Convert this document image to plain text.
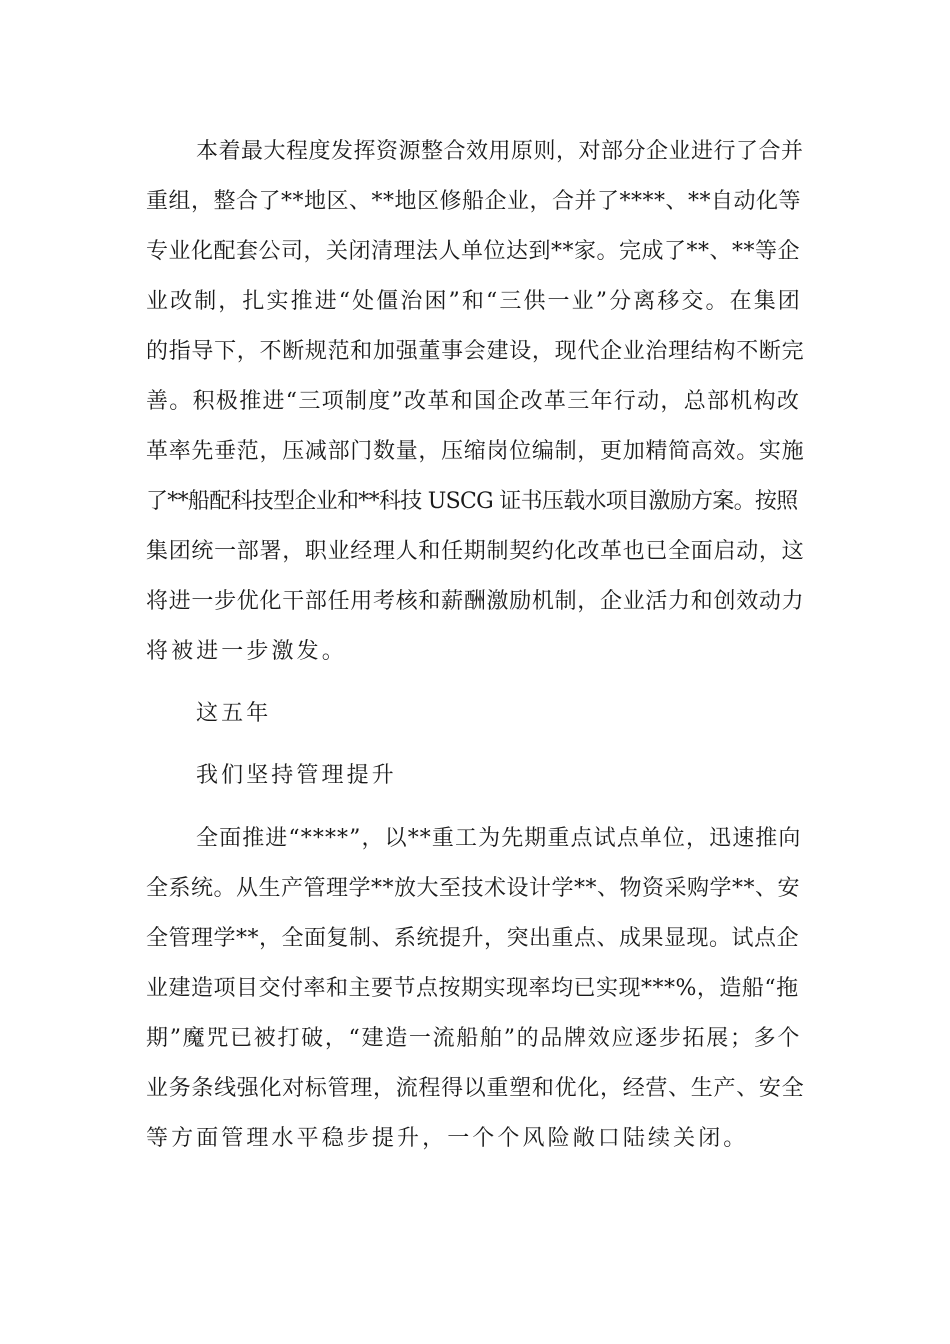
本着最大程度发挥资源整合效用原则，对部分企业进行了合并
重组，整合了**地区、**地区修船企业，合并了****、**自动化等
专业化配套公司，关闭清理法人单位达到**家。完成了**、**等企
业改制，扎实推进“处僵治困”和“三供一业”分离移交。在集团
的指导下，不断规范和加强董事会建设，现代企业治理结构不断完
善。积极推进“三项制度”改革和国企改革三年行动，总部机构改
革率先垂范，压减部门数量，压缩岗位编制，更加精简高效。实施
了**船配科技型企业和**科技 USCG 证书压载水项目激励方案。按照
集团统一部署，职业经理人和任期制契约化改革也已全面启动，这
将进一步优化干部任用考核和薪酬激励机制，企业活力和创效动力
将被进一步激发。
这五年
我们坚持管理提升
全面推进“****”，以**重工为先期重点试点单位，迅速推向
全系统。从生产管理学**放大至技术设计学**、物资采购学**、安
全管理学**，全面复制、系统提升，突出重点、成果显现。试点企
业建造项目交付率和主要节点按期实现率均已实现***%，造船“拖
期”魔咒已被打破，“建造一流船舶”的品牌效应逐步拓展；多个
业务条线强化对标管理，流程得以重塑和优化，经营、生产、安全
等方面管理水平稳步提升，一个个风险敞口陆续关闭。
